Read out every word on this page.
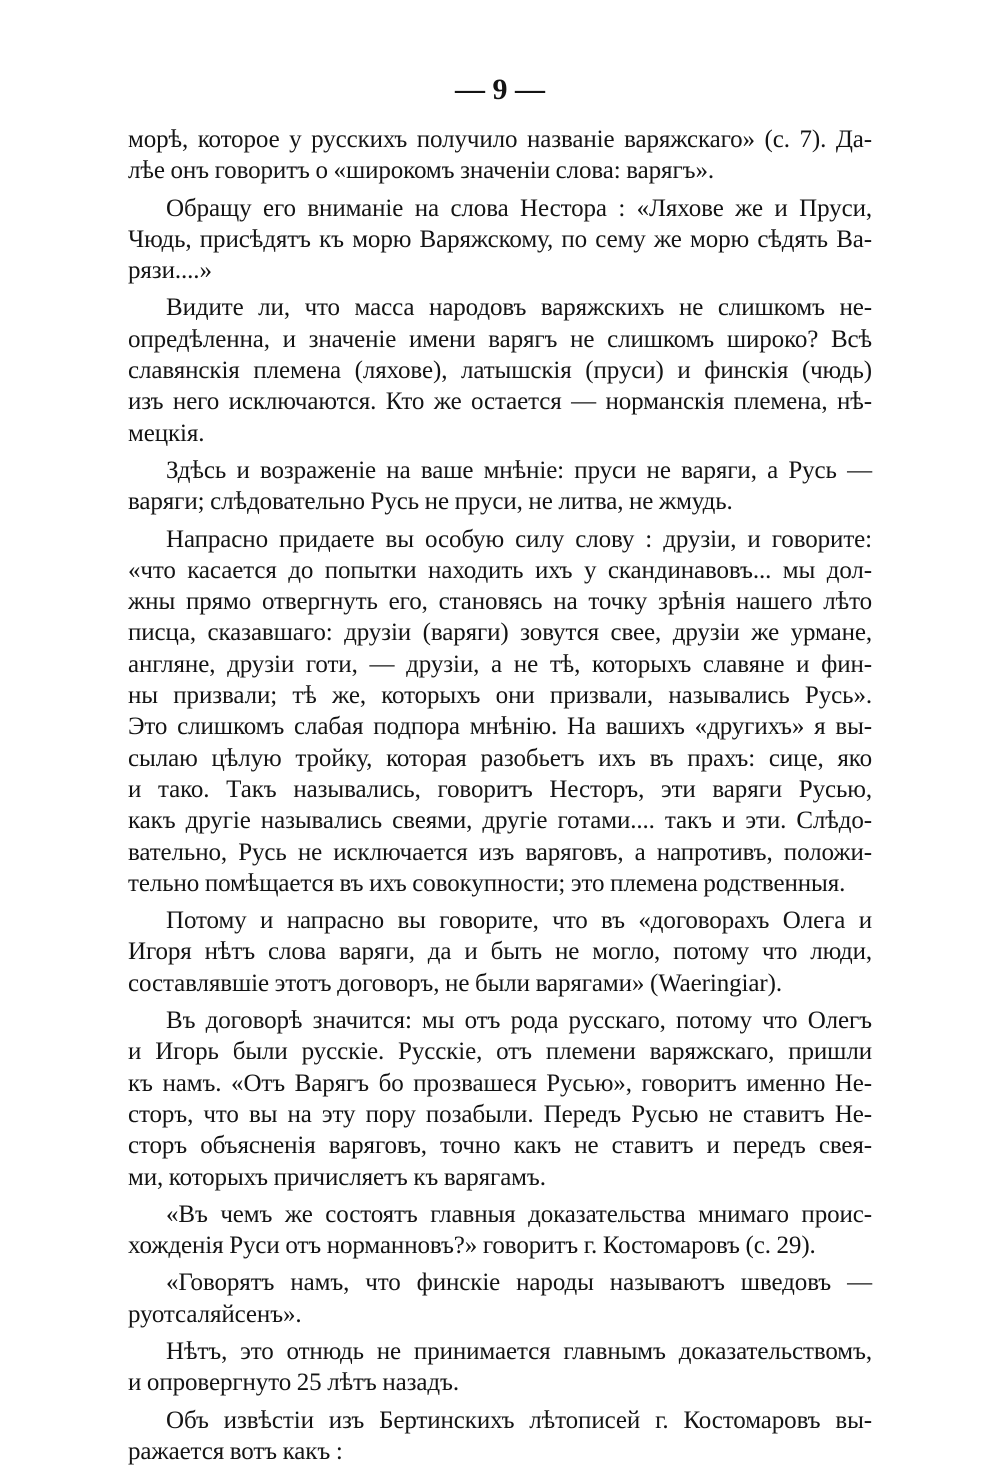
— 9 —
морѣ, которое у русскихъ получило названіе варяжскаго» (с. 7). Да-
лѣе онъ говоритъ о «широкомъ значеніи слова: варягъ».
Обращу его вниманіе на слова Нестора : «Ляхове же и Пруси,
Чюдь, присѣдятъ къ морю Варяжскому, по сему же морю сѣдять Ва-
рязи....»
Видите ли, что масса народовъ варяжскихъ не слишкомъ не-
опредѣленна, и значеніе имени варягъ не слишкомъ широко? Всѣ
славянскія племена (ляхове), латышскія (пруси) и финскія (чюдь)
изъ него исключаются. Кто же остается — норманскія племена, нѣ-
мецкія.
Здѣсь и возраженіе на ваше мнѣніе: пруси не варяги, а Русь —
варяги; слѣдовательно Русь не пруси, не литва, не жмудь.
Напрасно придаете вы особую силу слову : друзіи, и говорите:
«что касается до попытки находить ихъ у скандинавовъ... мы дол-
жны прямо отвергнуть его, становясь на точку зрѣнія нашего лѣто
писца, сказавшаго: друзіи (варяги) зовутся свее, друзіи же урмане,
англяне, друзіи готи, — друзіи, а не тѣ, которыхъ славяне и фин-
ны призвали; тѣ же, которыхъ они призвали, назывались Русь».
Это слишкомъ слабая подпора мнѣнію. На вашихъ «другихъ» я вы-
сылаю цѣлую тройку, которая разобьетъ ихъ въ прахъ: сице, яко
и тако. Такъ назывались, говоритъ Несторъ, эти варяги Русью,
какъ другіе назывались свеями, другіе готами.... такъ и эти. Слѣдо-
вательно, Русь не исключается изъ варяговъ, а напротивъ, положи-
тельно помѣщается въ ихъ совокупности; это племена родственныя.
Потому и напрасно вы говорите, что въ «договорахъ Олега и
Игоря нѣтъ слова варяги, да и быть не могло, потому что люди,
составлявшіе этотъ договоръ, не были варягами» (Waeringiar).
Въ договорѣ значится: мы отъ рода русскаго, потому что Олегъ
и Игорь были русскіе. Русскіе, отъ племени варяжскаго, пришли
къ намъ. «Отъ Варягъ бо прозвашеся Русью», говоритъ именно Не-
сторъ, что вы на эту пору позабыли. Передъ Русью не ставитъ Не-
сторъ объясненія варяговъ, точно какъ не ставитъ и передъ свея-
ми, которыхъ причисляетъ къ варягамъ.
«Въ чемъ же состоятъ главныя доказательства мнимаго проис-
хожденія Руси отъ норманновъ?» говоритъ г. Костомаровъ (с. 29).
«Говорятъ намъ, что финскіе народы называютъ шведовъ —
руотсаляйсенъ».
Нѣтъ, это отнюдь не принимается главнымъ доказательствомъ,
и опровергнуто 25 лѣтъ назадъ.
Объ извѣстіи изъ Бертинскихъ лѣтописей г. Костомаровъ вы-
ражается вотъ какъ :
